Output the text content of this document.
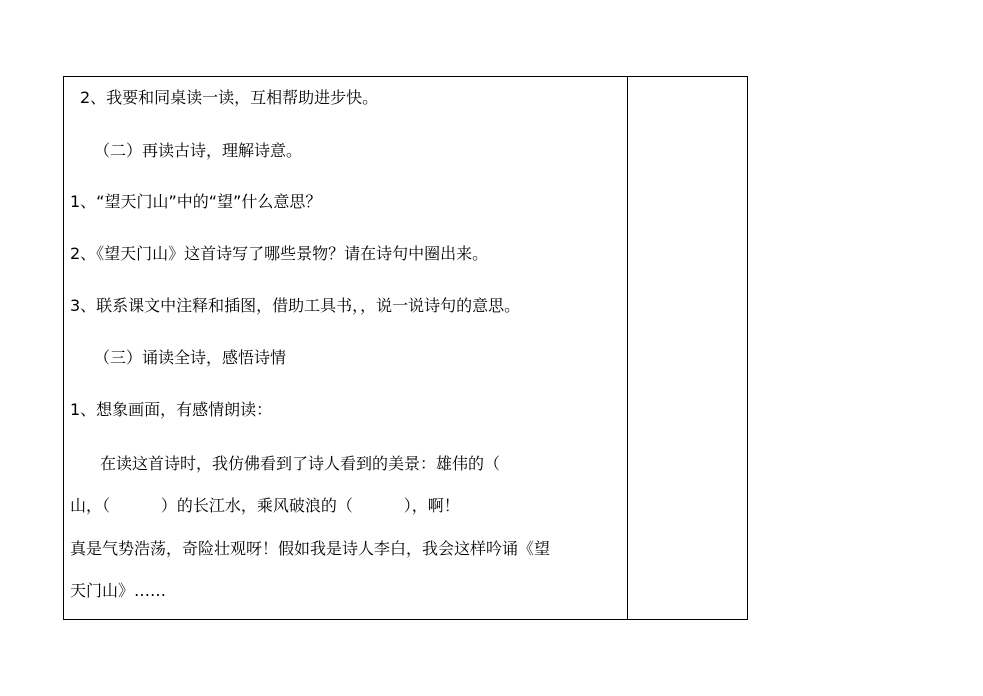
2、我要和同桌读一读，互相帮助进步快。
（二）再读古诗，理解诗意。
1、“望天门山”中的“望”什么意思？
2、《望天门山》这首诗写了哪些景物？请在诗句中圈出来。
3、联系课文中注释和插图，借助工具书，，说一说诗句的意思。
（三）诵读全诗，感悟诗情
1、想象画面，有感情朗读：
在读这首诗时，我仿佛看到了诗人看到的美景：雄伟的（
山，（          ）的长江水，乘风破浪的（          ），啊！
真是气势浩荡，奇险壮观呀！假如我是诗人李白，我会这样吟诵《望
天门山》……
